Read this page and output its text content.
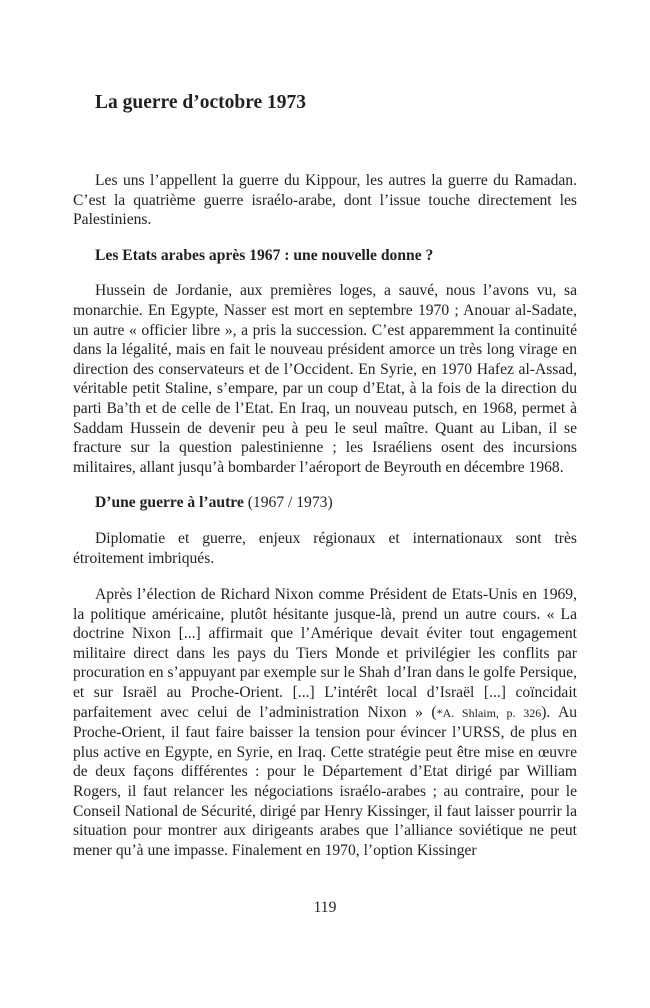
La guerre d’octobre 1973

Les uns l’appellent la guerre du Kippour, les autres la guerre du Ramadan. C’est la quatrième guerre israélo-arabe, dont l’issue touche directement les Palestiniens.

Les Etats arabes après 1967 : une nouvelle donne ?

Hussein de Jordanie, aux premières loges, a sauvé, nous l’avons vu, sa monarchie. En Egypte, Nasser est mort en septembre 1970 ; Anouar al-Sadate, un autre « officier libre », a pris la succession. C’est apparemment la continuité dans la légalité, mais en fait le nouveau président amorce un très long virage en direction des conservateurs et de l’Occident. En Syrie, en 1970 Hafez al-Assad, véritable petit Staline, s’empare, par un coup d’Etat, à la fois de la direction du parti Ba’th et de celle de l’Etat. En Iraq, un nouveau putsch, en 1968, permet à Saddam Hussein de devenir peu à peu le seul maître. Quant au Liban, il se fracture sur la question palestinienne ; les Israéliens osent des incursions militaires, allant jusqu’à bombarder l’aéroport de Beyrouth en décembre 1968.

D’une guerre à l’autre (1967 / 1973)

Diplomatie et guerre, enjeux régionaux et internationaux sont très étroitement imbriqués.

Après l’élection de Richard Nixon comme Président de Etats-Unis en 1969, la politique américaine, plutôt hésitante jusque-là, prend un autre cours. « La doctrine Nixon [...] affirmait que l’Amérique devait éviter tout engagement militaire direct dans les pays du Tiers Monde et privilégier les conflits par procuration en s’appuyant par exemple sur le Shah d’Iran dans le golfe Persique, et sur Israël au Proche-Orient. [...] L’intérêt local d’Israël [...] coïncidait parfaitement avec celui de l’administration Nixon » (*A. Shlaim, p. 326). Au Proche-Orient, il faut faire baisser la tension pour évincer l’URSS, de plus en plus active en Egypte, en Syrie, en Iraq. Cette stratégie peut être mise en œuvre de deux façons différentes : pour le Département d’Etat dirigé par William Rogers, il faut relancer les négociations israélo-arabes ; au contraire, pour le Conseil National de Sécurité, dirigé par Henry Kissinger, il faut laisser pourrir la situation pour montrer aux dirigeants arabes que l’alliance soviétique ne peut mener qu’à une impasse. Finalement en 1970, l’option Kissinger

119
